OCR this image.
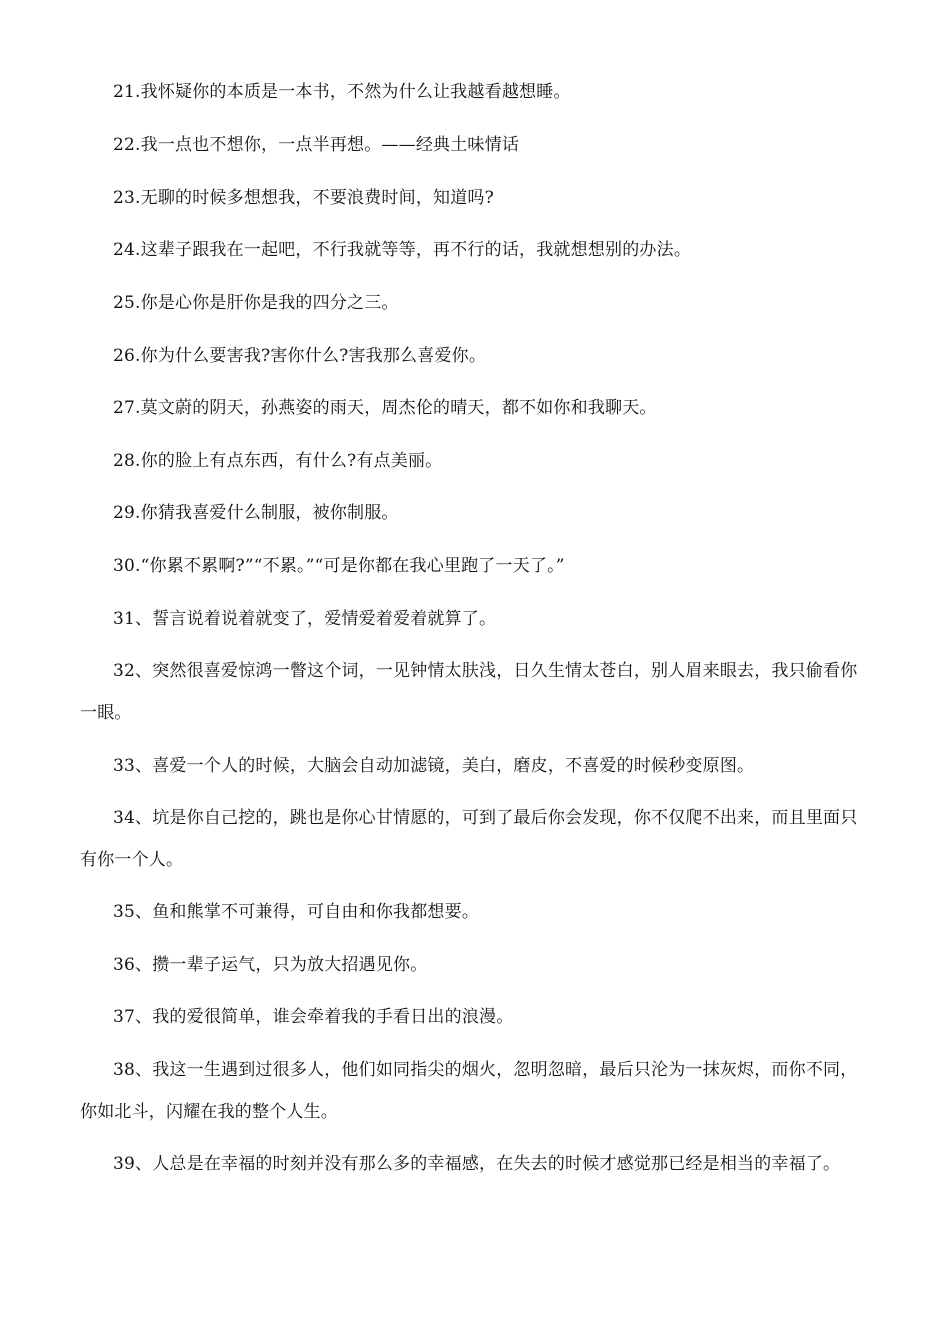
21.我怀疑你的本质是一本书，不然为什么让我越看越想睡。

22.我一点也不想你，一点半再想。——经典土味情话

23.无聊的时候多想想我，不要浪费时间，知道吗?

24.这辈子跟我在一起吧，不行我就等等，再不行的话，我就想想别的办法。

25.你是心你是肝你是我的四分之三。

26.你为什么要害我?害你什么?害我那么喜爱你。

27.莫文蔚的阴天，孙燕姿的雨天，周杰伦的晴天，都不如你和我聊天。

28.你的脸上有点东西，有什么?有点美丽。

29.你猜我喜爱什么制服，被你制服。

30.“你累不累啊?”“不累。”“可是你都在我心里跑了一天了。”

31、誓言说着说着就变了，爱情爱着爱着就算了。

32、突然很喜爱惊鸿一瞥这个词，一见钟情太肤浅，日久生情太苍白，别人眉来眼去，我只偷看你一眼。

33、喜爱一个人的时候，大脑会自动加滤镜，美白，磨皮，不喜爱的时候秒变原图。

34、坑是你自己挖的，跳也是你心甘情愿的，可到了最后你会发现，你不仅爬不出来，而且里面只有你一个人。

35、鱼和熊掌不可兼得，可自由和你我都想要。

36、攒一辈子运气，只为放大招遇见你。

37、我的爱很简单，谁会牵着我的手看日出的浪漫。

38、我这一生遇到过很多人，他们如同指尖的烟火，忽明忽暗，最后只沦为一抹灰烬，而你不同，你如北斗，闪耀在我的整个人生。

39、人总是在幸福的时刻并没有那么多的幸福感，在失去的时候才感觉那已经是相当的幸福了。
